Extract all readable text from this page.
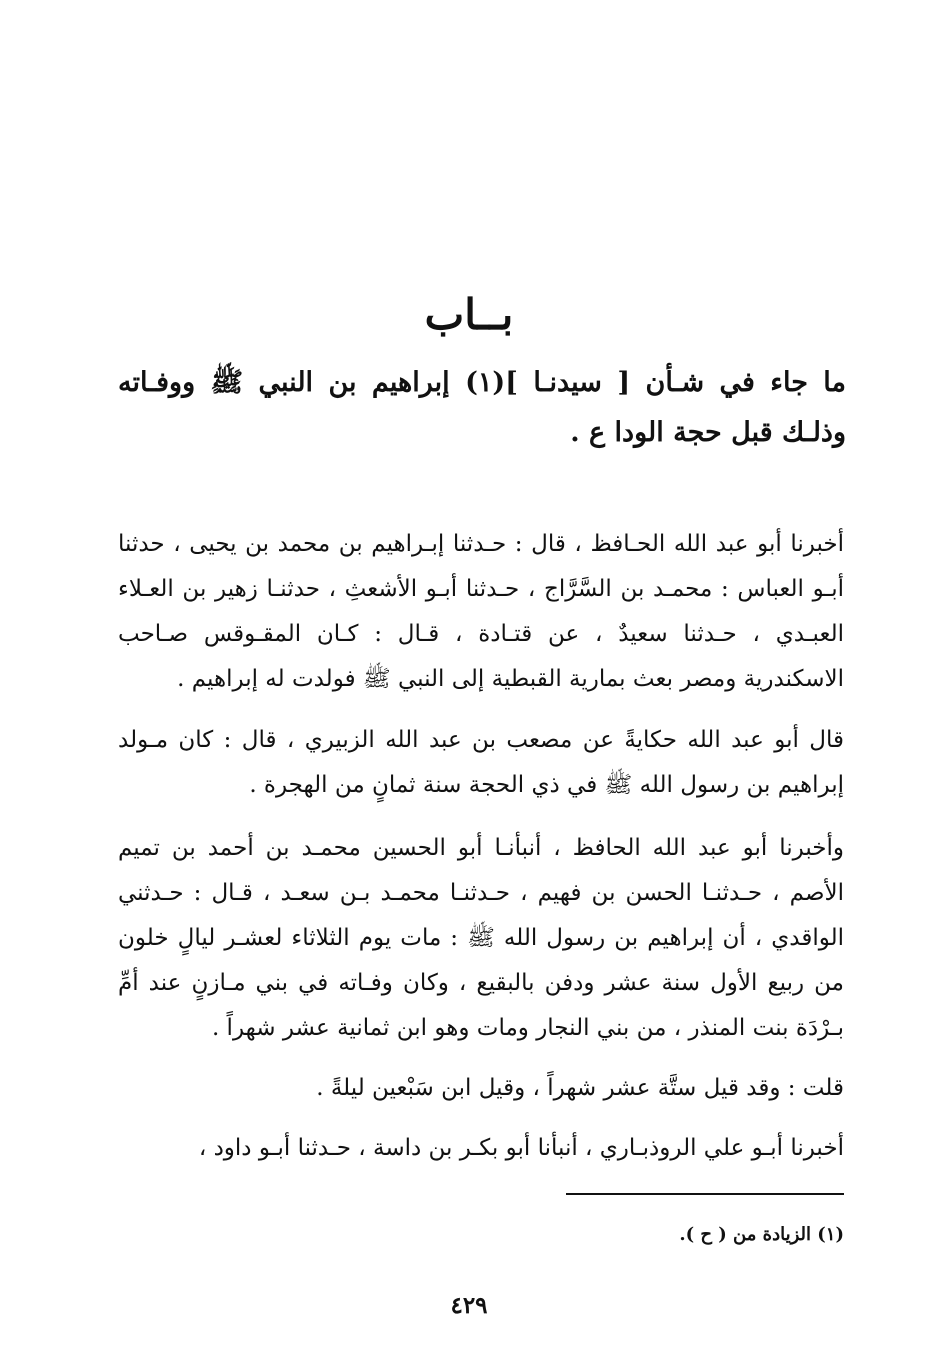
بــاب
ما جاء في شـأن [ سيدنـا ](١) إبراهيم بن النبي ﷺ ووفـاته وذلـك قبل حجة الودا ع .
أخبرنا أبو عبد الله الحـافظ ، قال : حـدثنا إبـراهيم بن محمد بن يحيى ، حدثنا أبـو العباس : محمـد بن السَّرَّاج ، حـدثنا أبـو الأشعثِ ، حدثنـا زهير بن العـلاء العبـدي ، حـدثنا سعيدٌ ، عن قتـادة ، قـال : كـان المقـوقس صـاحب الاسكندرية ومصر بعث بمارية القبطية إلى النبي ﷺ فولدت له إبراهيم .
قال أبو عبد الله حكايةً عن مصعب بن عبد الله الزبيري ، قال : كان مـولد إبراهيم بن رسول الله ﷺ في ذي الحجة سنة ثمانٍ من الهجرة .
وأخبرنا أبو عبد الله الحافظ ، أنبأنـا أبو الحسين محمـد بن أحمد بن تميم الأصم ، حـدثنـا الحسن بن فهيم ، حـدثنـا محمـد بـن سعـد ، قـال : حـدثني الواقدي ، أن إبراهيم بن رسول الله ﷺ : مات يوم الثلاثاء لعشـر ليالٍ خلون من ربيع الأول سنة عشر ودفن بالبقيع ، وكان وفـاته في بني مـازنٍ عند أمِّ بـرْدَة بنت المنذر ، من بني النجار ومات وهو ابن ثمانية عشر شهراً .
قلت : وقد قيل ستَّة عشر شهراً ، وقيل ابن سَبْعين ليلةً .
أخبرنا أبـو علي الروذبـاري ، أنبأنا أبو بكـر بن داسة ، حـدثنا أبـو داود ،
(١) الزيادة من ( ح ).
٤٢٩
